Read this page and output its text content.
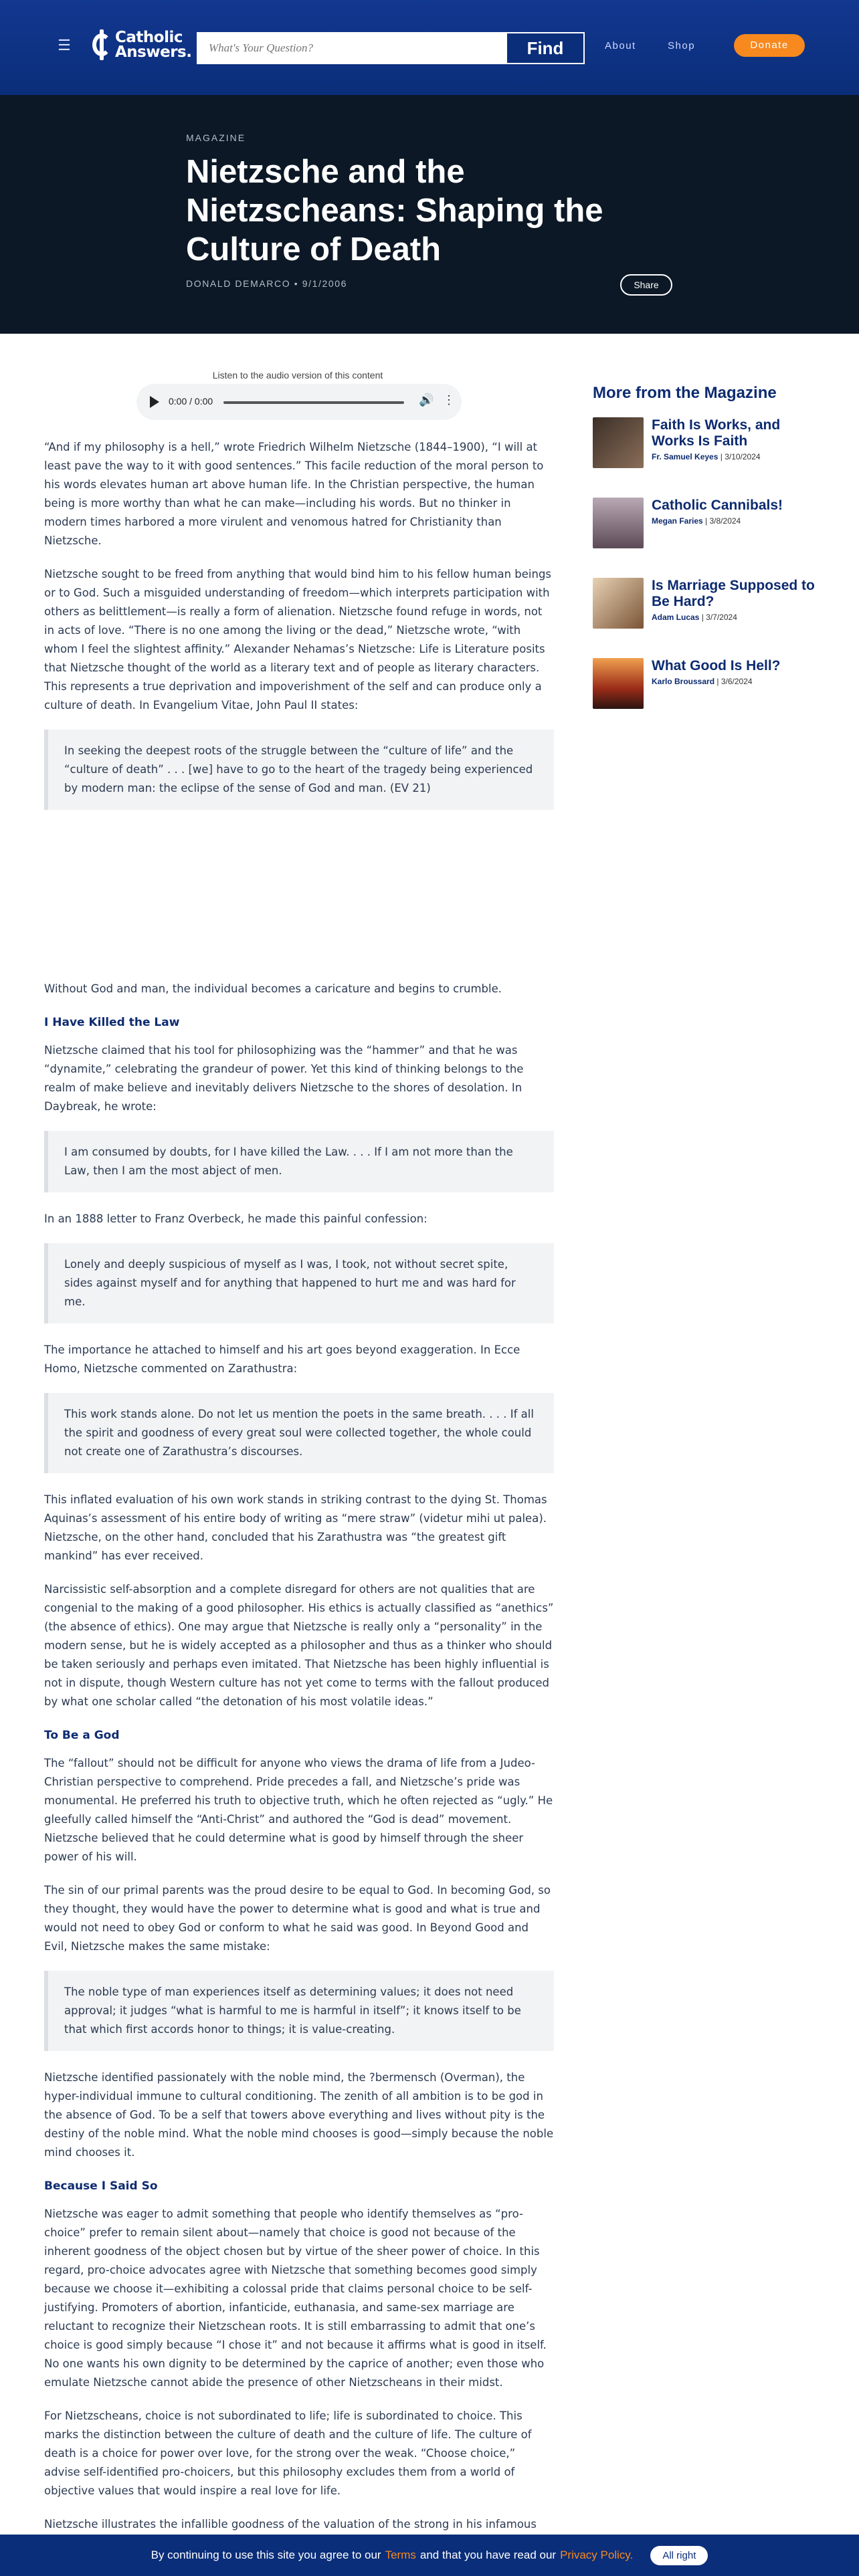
☰	Catholic
Answers.	What's Your Question?	Find	About	Shop	Donate
MAGAZINE
Nietzsche and the Nietzscheans: Shaping the Culture of Death
DONALD DEMARCO • 9/1/2006	Share
Listen to the audio version of this content
0:00 / 0:00	🔊 ⋮

“And if my philosophy is a hell,” wrote Friedrich Wilhelm Nietzsche (1844–1900), “I will at least pave the way to it with good sentences.” This facile reduction of the moral person to his words elevates human art above human life. In the Christian perspective, the human being is more worthy than what he can make—including his words. But no thinker in modern times harbored a more virulent and venomous hatred for Christianity than Nietzsche.

Nietzsche sought to be freed from anything that would bind him to his fellow human beings or to God. Such a misguided understanding of freedom—which interprets participation with others as belittlement—is really a form of alienation. Nietzsche found refuge in words, not in acts of love. “There is no one among the living or the dead,” Nietzsche wrote, “with whom I feel the slightest affinity.” Alexander Nehamas’s Nietzsche: Life is Literature posits that Nietzsche thought of the world as a literary text and of people as literary characters. This represents a true deprivation and impoverishment of the self and can produce only a culture of death. In Evangelium Vitae, John Paul II states:

In seeking the deepest roots of the struggle between the “culture of life” and the “culture of death” . . . [we] have to go to the heart of the tragedy being experienced by modern man: the eclipse of the sense of God and man. (EV 21)

Without God and man, the individual becomes a caricature and begins to crumble.

I Have Killed the Law

Nietzsche claimed that his tool for philosophizing was the “hammer” and that he was “dynamite,” celebrating the grandeur of power. Yet this kind of thinking belongs to the realm of make believe and inevitably delivers Nietzsche to the shores of desolation. In Daybreak, he wrote:

I am consumed by doubts, for I have killed the Law. . . . If I am not more than the Law, then I am the most abject of men.

In an 1888 letter to Franz Overbeck, he made this painful confession:

Lonely and deeply suspicious of myself as I was, I took, not without secret spite, sides against myself and for anything that happened to hurt me and was hard for me.

The importance he attached to himself and his art goes beyond exaggeration. In Ecce Homo, Nietzsche commented on Zarathustra:

This work stands alone. Do not let us mention the poets in the same breath. . . . If all the spirit and goodness of every great soul were collected together, the whole could not create one of Zarathustra’s discourses.

This inflated evaluation of his own work stands in striking contrast to the dying St. Thomas Aquinas’s assessment of his entire body of writing as “mere straw” (videtur mihi ut palea). Nietzsche, on the other hand, concluded that his Zarathustra was “the greatest gift mankind” has ever received.

Narcissistic self-absorption and a complete disregard for others are not qualities that are congenial to the making of a good philosopher. His ethics is actually classified as “anethics” (the absence of ethics). One may argue that Nietzsche is really only a “personality” in the modern sense, but he is widely accepted as a philosopher and thus as a thinker who should be taken seriously and perhaps even imitated. That Nietzsche has been highly influential is not in dispute, though Western culture has not yet come to terms with the fallout produced by what one scholar called “the detonation of his most volatile ideas.”

To Be a God

The “fallout” should not be difficult for anyone who views the drama of life from a Judeo-Christian perspective to comprehend. Pride precedes a fall, and Nietzsche’s pride was monumental. He preferred his truth to objective truth, which he often rejected as “ugly.” He gleefully called himself the “Anti-Christ” and authored the “God is dead” movement. Nietzsche believed that he could determine what is good by himself through the sheer power of his will.

The sin of our primal parents was the proud desire to be equal to God. In becoming God, so they thought, they would have the power to determine what is good and what is true and would not need to obey God or conform to what he said was good. In Beyond Good and Evil, Nietzsche makes the same mistake:

The noble type of man experiences itself as determining values; it does not need approval; it judges “what is harmful to me is harmful in itself”; it knows itself to be that which first accords honor to things; it is value-creating.

Nietzsche identified passionately with the noble mind, the ?bermensch (Overman), the hyper-individual immune to cultural conditioning. The zenith of all ambition is to be god in the absence of God. To be a self that towers above everything and lives without pity is the destiny of the noble mind. What the noble mind chooses is good—simply because the noble mind chooses it.

Because I Said So

Nietzsche was eager to admit something that people who identify themselves as “pro-choice” prefer to remain silent about—namely that choice is good not because of the inherent goodness of the object chosen but by virtue of the sheer power of choice. In this regard, pro-choice advocates agree with Nietzsche that something becomes good simply because we choose it—exhibiting a colossal pride that claims personal choice to be self-justifying. Promoters of abortion, infanticide, euthanasia, and same-sex marriage are reluctant to recognize their Nietzschean roots. It is still embarrassing to admit that one’s choice is good simply because “I chose it” and not because it affirms what is good in itself. No one wants his own dignity to be determined by the caprice of another; even those who emulate Nietzsche cannot abide the presence of other Nietzscheans in their midst.

For Nietzscheans, choice is not subordinated to life; life is subordinated to choice. This marks the distinction between the culture of death and the culture of life. The culture of death is a choice for power over love, for the strong over the weak. “Choose choice,” advise self-identified pro-choicers, but this philosophy excludes them from a world of objective values that would inspire a real love for life.

Nietzsche illustrates the infallible goodness of the valuation of the strong in his infamous

More from the Magazine
Faith Is Works, and Works Is Faith
Fr. Samuel Keyes | 3/10/2024
Catholic Cannibals!
Megan Faries | 3/8/2024
Is Marriage Supposed to Be Hard?
Adam Lucas | 3/7/2024
What Good Is Hell?
Karlo Broussard | 3/6/2024
By continuing to use this site you agree to our Terms and that you have read our Privacy Policy.	All right
